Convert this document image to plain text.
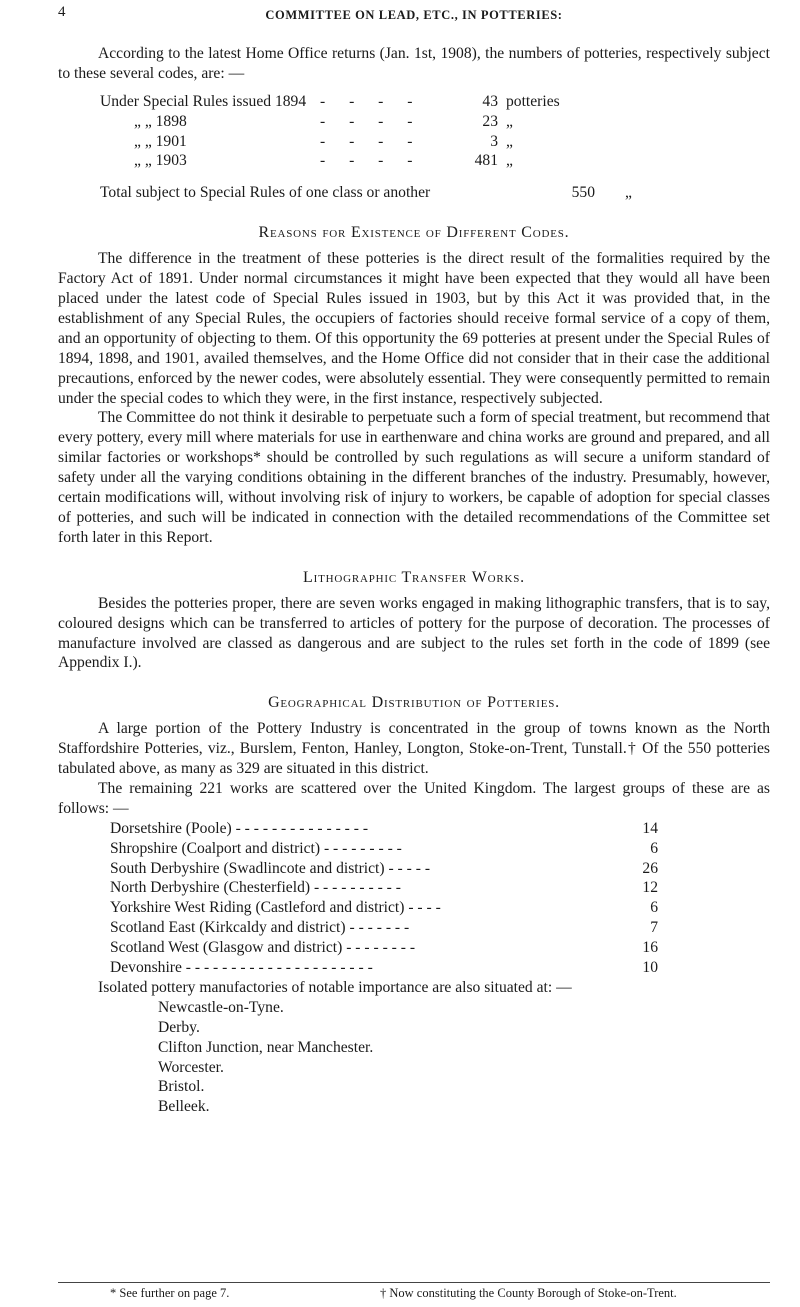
4	COMMITTEE ON LEAD, ETC., IN POTTERIES:

According to the latest Home Office returns (Jan. 1st, 1908), the numbers of potteries, respectively subject to these several codes, are: —

Under Special Rules issued 1894 - - - -	43 potteries
„ „ 1898	- - - -	23 „
„ „ 1901	- - - -	3 „
„ „ 1903	- - - -	481 „
Total subject to Special Rules of one class or another	550	„
Reasons for Existence of Different Codes.

The difference in the treatment of these potteries is the direct result of the formalities required by the Factory Act of 1891. Under normal circumstances it might have been expected that they would all have been placed under the latest code of Special Rules issued in 1903, but by this Act it was provided that, in the establishment of any Special Rules, the occupiers of factories should receive formal service of a copy of them, and an opportunity of objecting to them. Of this opportunity the 69 potteries at present under the Special Rules of 1894, 1898, and 1901, availed themselves, and the Home Office did not consider that in their case the additional precautions, enforced by the newer codes, were absolutely essential. They were consequently permitted to remain under the special codes to which they were, in the first instance, respectively subjected.

The Committee do not think it desirable to perpetuate such a form of special treatment, but recommend that every pottery, every mill where materials for use in earthenware and china works are ground and prepared, and all similar factories or workshops* should be controlled by such regulations as will secure a uniform standard of safety under all the varying conditions obtaining in the different branches of the industry. Presumably, however, certain modifications will, without involving risk of injury to workers, be capable of adoption for special classes of potteries, and such will be indicated in connection with the detailed recommendations of the Committee set forth later in this Report.

Lithographic Transfer Works.

Besides the potteries proper, there are seven works engaged in making lithographic transfers, that is to say, coloured designs which can be transferred to articles of pottery for the purpose of decoration. The processes of manufacture involved are classed as dangerous and are subject to the rules set forth in the code of 1899 (see Appendix I.).

Geographical Distribution of Potteries.

A large portion of the Pottery Industry is concentrated in the group of towns known as the North Staffordshire Potteries, viz., Burslem, Fenton, Hanley, Longton, Stoke-on-Trent, Tunstall.† Of the 550 potteries tabulated above, as many as 329 are situated in this district.

The remaining 221 works are scattered over the United Kingdom. The largest groups of these are as follows: —

Dorsetshire (Poole) - - - - - - - - - - - - - - -	14
Shropshire (Coalport and district) - - - - - - - - -	6
South Derbyshire (Swadlincote and district) - - - - -	26
North Derbyshire (Chesterfield) - - - - - - - - - -	12
Yorkshire West Riding (Castleford and district) - - - -	6
Scotland East (Kirkcaldy and district) - - - - - - -	7
Scotland West (Glasgow and district) - - - - - - - -	16
Devonshire - - - - - - - - - - - - - - - - - - - - -	10

Isolated pottery manufactories of notable importance are also situated at: —

Newcastle-on-Tyne.
Derby.
Clifton Junction, near Manchester.
Worcester.
Bristol.
Belleek.
* See further on page 7.	† Now constituting the County Borough of Stoke-on-Trent.
